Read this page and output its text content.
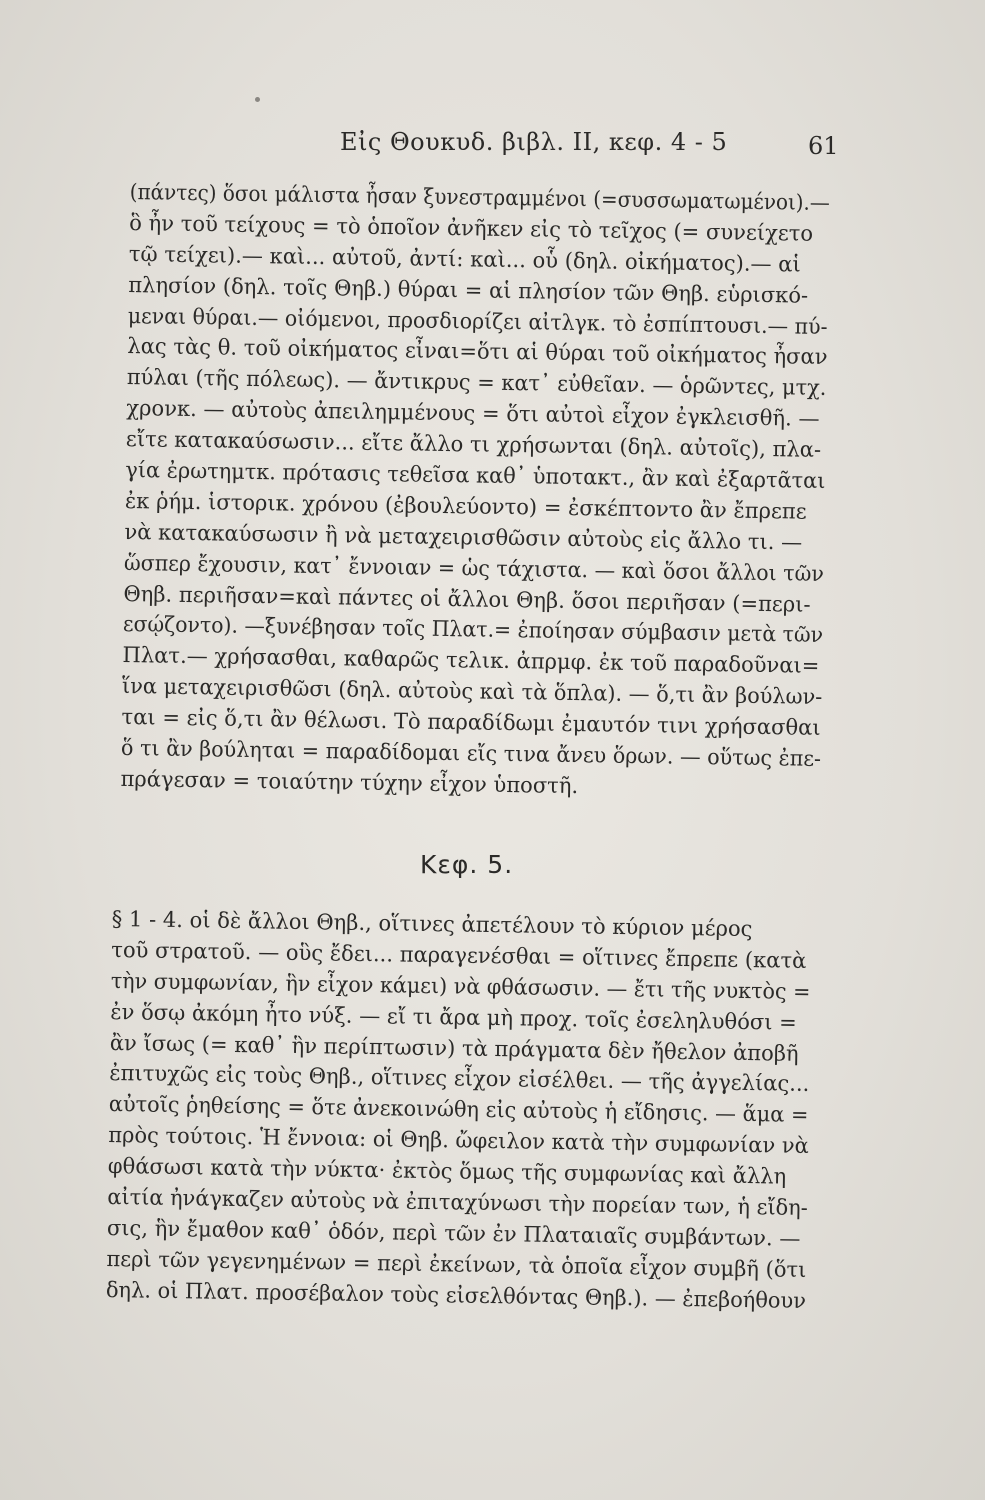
Εἰς Θουκυδ. βιβλ. II, κεφ. 4 - 5	61
(πάντες) ὅσοι μάλιστα ἦσαν ξυνεστραμμένοι (=συσσωματωμένοι).—
ὃ ἦν τοῦ τείχους = τὸ ὁποῖον ἀνῆκεν εἰς τὸ τεῖχος (= συνείχετο
τῷ τείχει).— καὶ... αὐτοῦ, ἀντί: καὶ... οὗ (δηλ. οἰκήματος).— αἱ
πλησίον (δηλ. τοῖς Θηβ.) θύραι = αἱ πλησίον τῶν Θηβ. εὑρισκό-
μεναι θύραι.— οἰόμενοι, προσδιορίζει αἰτλγκ. τὸ ἐσπίπτουσι.— πύ-
λας τὰς θ. τοῦ οἰκήματος εἶναι=ὅτι αἱ θύραι τοῦ οἰκήματος ἦσαν
πύλαι (τῆς πόλεως). — ἄντικρυς = κατ᾿ εὐθεῖαν. — ὁρῶντες, μτχ.
χρονκ. — αὐτοὺς ἀπειλημμένους = ὅτι αὐτοὶ εἶχον ἐγκλεισθῆ. —
εἴτε κατακαύσωσιν... εἴτε ἄλλο τι χρήσωνται (δηλ. αὐτοῖς), πλα-
γία ἐρωτημτκ. πρότασις τεθεῖσα καθ᾿ ὑποτακτ., ἂν καὶ ἐξαρτᾶται
ἐκ ῥήμ. ἱστορικ. χρόνου (ἐβουλεύοντο) = ἐσκέπτοντο ἂν ἔπρεπε
νὰ κατακαύσωσιν ἢ νὰ μεταχειρισθῶσιν αὐτοὺς εἰς ἄλλο τι. —
ὥσπερ ἔχουσιν, κατ᾿ ἔννοιαν = ὡς τάχιστα. — καὶ ὅσοι ἄλλοι τῶν
Θηβ. περιῆσαν=καὶ πάντες οἱ ἄλλοι Θηβ. ὅσοι περιῆσαν (=περι-
εσῴζοντο). —ξυνέβησαν τοῖς Πλατ.= ἐποίησαν σύμβασιν μετὰ τῶν
Πλατ.— χρήσασθαι, καθαρῶς τελικ. ἀπρμφ. ἐκ τοῦ παραδοῦναι=
ἵνα μεταχειρισθῶσι (δηλ. αὐτοὺς καὶ τὰ ὅπλα). — ὅ,τι ἂν βούλων-
ται = εἰς ὅ,τι ἂν θέλωσι. Τὸ παραδίδωμι ἐμαυτόν τινι χρήσασθαι
ὅ τι ἂν βούληται = παραδίδομαι εἴς τινα ἄνευ ὅρων. — οὕτως ἐπε-
πράγεσαν = τοιαύτην τύχην εἶχον ὑποστῆ.
Κεφ. 5.
§ 1 - 4. οἱ δὲ ἄλλοι Θηβ., οἵτινες ἀπετέλουν τὸ κύριον μέρος
τοῦ στρατοῦ. — οὓς ἔδει... παραγενέσθαι = οἵτινες ἔπρεπε (κατὰ
τὴν συμφωνίαν, ἣν εἶχον κάμει) νὰ φθάσωσιν. — ἔτι τῆς νυκτὸς =
ἐν ὅσῳ ἀκόμη ἦτο νύξ. — εἴ τι ἄρα μὴ προχ. τοῖς ἐσεληλυθόσι =
ἂν ἴσως (= καθ᾿ ἣν περίπτωσιν) τὰ πράγματα δὲν ἤθελον ἀποβῆ
ἐπιτυχῶς εἰς τοὺς Θηβ., οἵτινες εἶχον εἰσέλθει. — τῆς ἀγγελίας...
αὐτοῖς ῥηθείσης = ὅτε ἀνεκοινώθη εἰς αὐτοὺς ἡ εἴδησις. — ἅμα =
πρὸς τούτοις. Ἡ ἔννοια: οἱ Θηβ. ὤφειλον κατὰ τὴν συμφωνίαν νὰ
φθάσωσι κατὰ τὴν νύκτα· ἐκτὸς ὅμως τῆς συμφωνίας καὶ ἄλλη
αἰτία ἠνάγκαζεν αὐτοὺς νὰ ἐπιταχύνωσι τὴν πορείαν των, ἡ εἴδη-
σις, ἣν ἔμαθον καθ᾿ ὁδόν, περὶ τῶν ἐν Πλαταιαῖς συμβάντων. —
περὶ τῶν γεγενημένων = περὶ ἐκείνων, τὰ ὁποῖα εἶχον συμβῆ (ὅτι
δηλ. οἱ Πλατ. προσέβαλον τοὺς εἰσελθόντας Θηβ.). — ἐπεβοήθουν
